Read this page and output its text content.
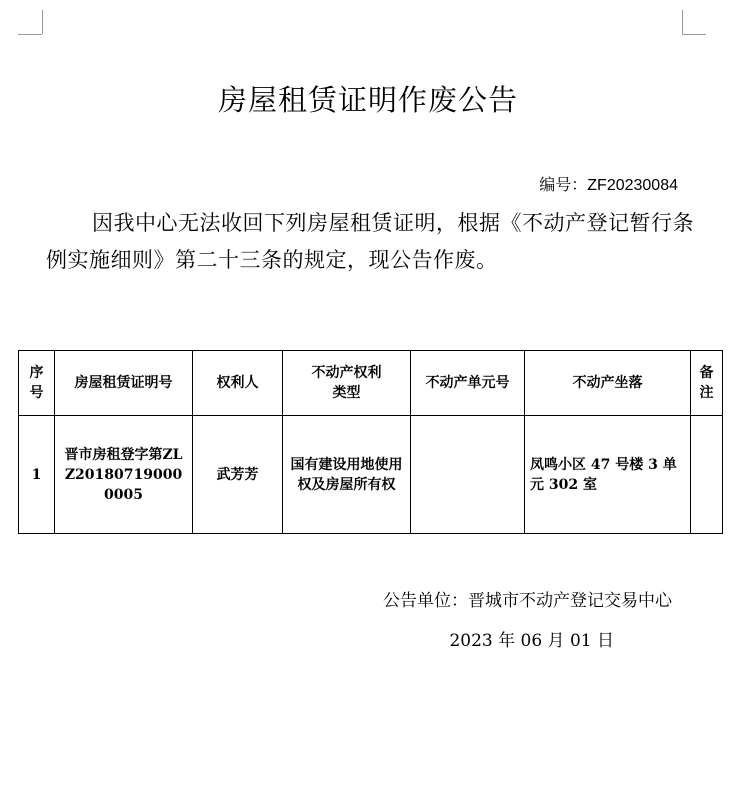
房屋租赁证明作废公告
编号：ZF20230084
因我中心无法收回下列房屋租赁证明，根据《不动产登记暂行条例实施细则》第二十三条的规定，现公告作废。
序号	房屋租赁证明号	权利人	不动产权利类型	不动产单元号	不动产坐落	备注
1	晋市房租登字第ZLZ201807190000005	武芳芳	国有建设用地使用权及房屋所有权		凤鸣小区 47 号楼 3 单元 302 室	
公告单位：晋城市不动产登记交易中心
2023 年 06 月 01 日
